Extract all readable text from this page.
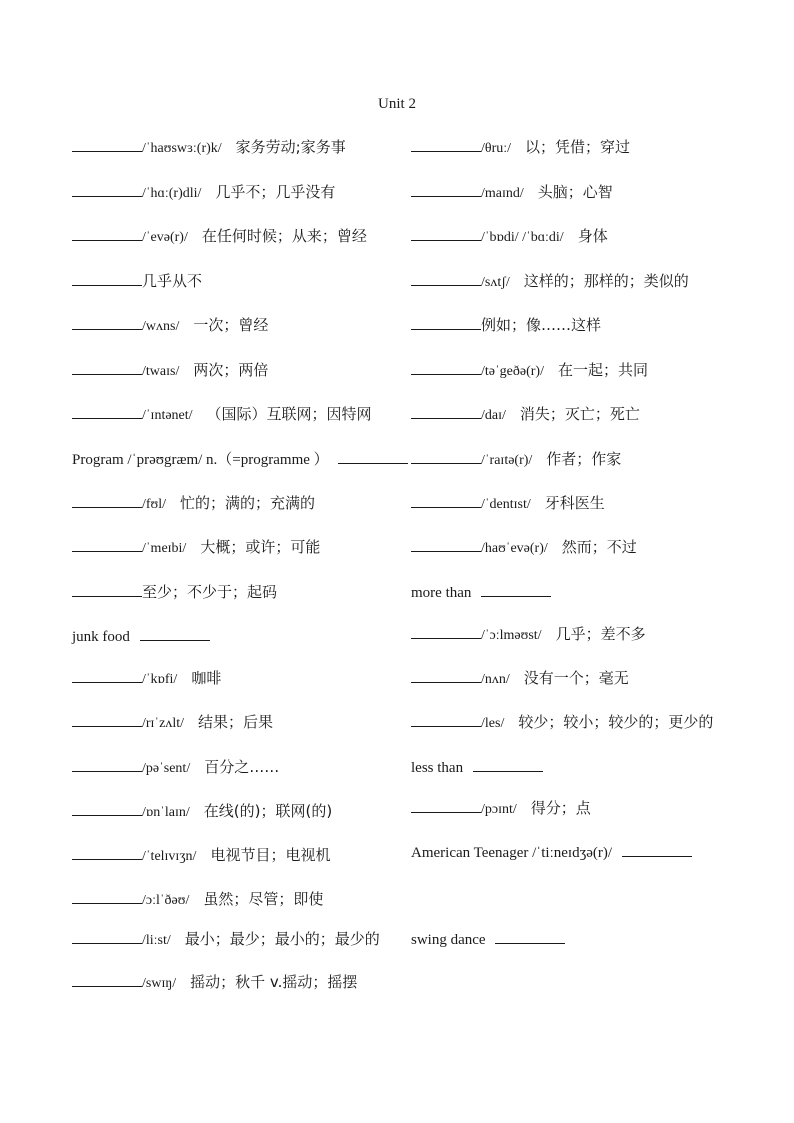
Unit 2
/ˈhaʊswɜː(r)k/ 家务劳动;家务事
/ˈhɑː(r)dli/ 几乎不；几乎没有
/ˈevə(r)/ 在任何时候；从来；曾经
几乎从不
/wʌns/ 一次；曾经
/twaɪs/ 两次；两倍
/ˈɪntənet/ （国际）互联网；因特网
Program /ˈprəʊgræm/ n.（=programme ）
/fʊl/ 忙的；满的；充满的
/ˈmeɪbi/ 大概；或许；可能
至少；不少于；起码
junk food
/ˈkɒfi/ 咖啡
/rɪˈzʌlt/ 结果；后果
/pəˈsent/ 百分之……
/ɒnˈlaɪn/ 在线(的)；联网(的)
/ˈtelɪvɪʒn/ 电视节目；电视机
/ɔːlˈðəʊ/ 虽然；尽管；即使
/liːst/ 最小；最少；最小的；最少的
/swɪŋ/ 摇动；秋千 v.摇动；摇摆
/θruː/ 以；凭借；穿过
/maɪnd/ 头脑；心智
/ˈbɒdi/ /ˈbɑːdi/ 身体
/sʌtʃ/ 这样的；那样的；类似的
例如；像……这样
/təˈgeðə(r)/ 在一起；共同
/daɪ/ 消失；灭亡；死亡
/ˈraɪtə(r)/ 作者；作家
/ˈdentɪst/ 牙科医生
/haʊˈevə(r)/ 然而；不过
more than
/ˈɔːlməʊst/ 几乎；差不多
/nʌn/ 没有一个；毫无
/les/ 较少；较小；较少的；更少的
less than
/pɔɪnt/ 得分；点
American Teenager /ˈtiːneɪdʒə(r)/
swing dance
